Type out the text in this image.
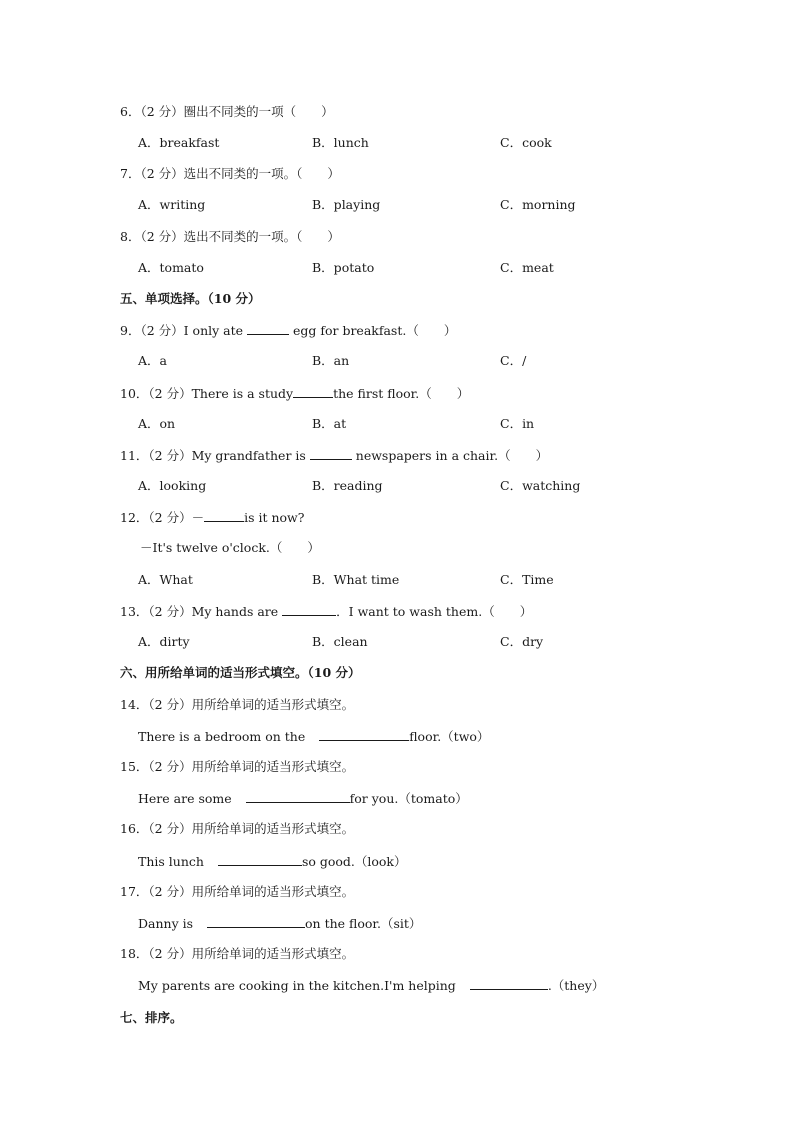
6．（2 分）圈出不同类的一项（　　）
A．breakfast	B．lunch	C．cook
7．（2 分）选出不同类的一项。（　　）
A．writing	B．playing	C．morning
8．（2 分）选出不同类的一项。（　　）
A．tomato	B．potato	C．meat
五、单项选择。（10 分）
9．（2 分）I only ate	egg for breakfast.（　　）
A．a	B．an	C．/
10．（2 分）There is a study	the first floor.（　　）
A．on	B．at	C．in
11．（2 分）My grandfather is	newspapers in a chair.（　　）
A．looking	B．reading	C．watching
12．（2 分）－	is it now?
－It's twelve o'clock.（　　）
A．What	B．What time	C．Time
13．（2 分）My hands are	．I want to wash them.（　　）
A．dirty	B．clean	C．dry
六、用所给单词的适当形式填空。（10 分）
14．（2 分）用所给单词的适当形式填空。
There is a bedroom on the	floor.（two）
15．（2 分）用所给单词的适当形式填空。
Here are some	for you.（tomato）
16．（2 分）用所给单词的适当形式填空。
This lunch	so good.（look）
17．（2 分）用所给单词的适当形式填空。
Danny is	on the floor.（sit）
18．（2 分）用所给单词的适当形式填空。
My parents are cooking in the kitchen.I'm helping	.（they）
七、排序。
